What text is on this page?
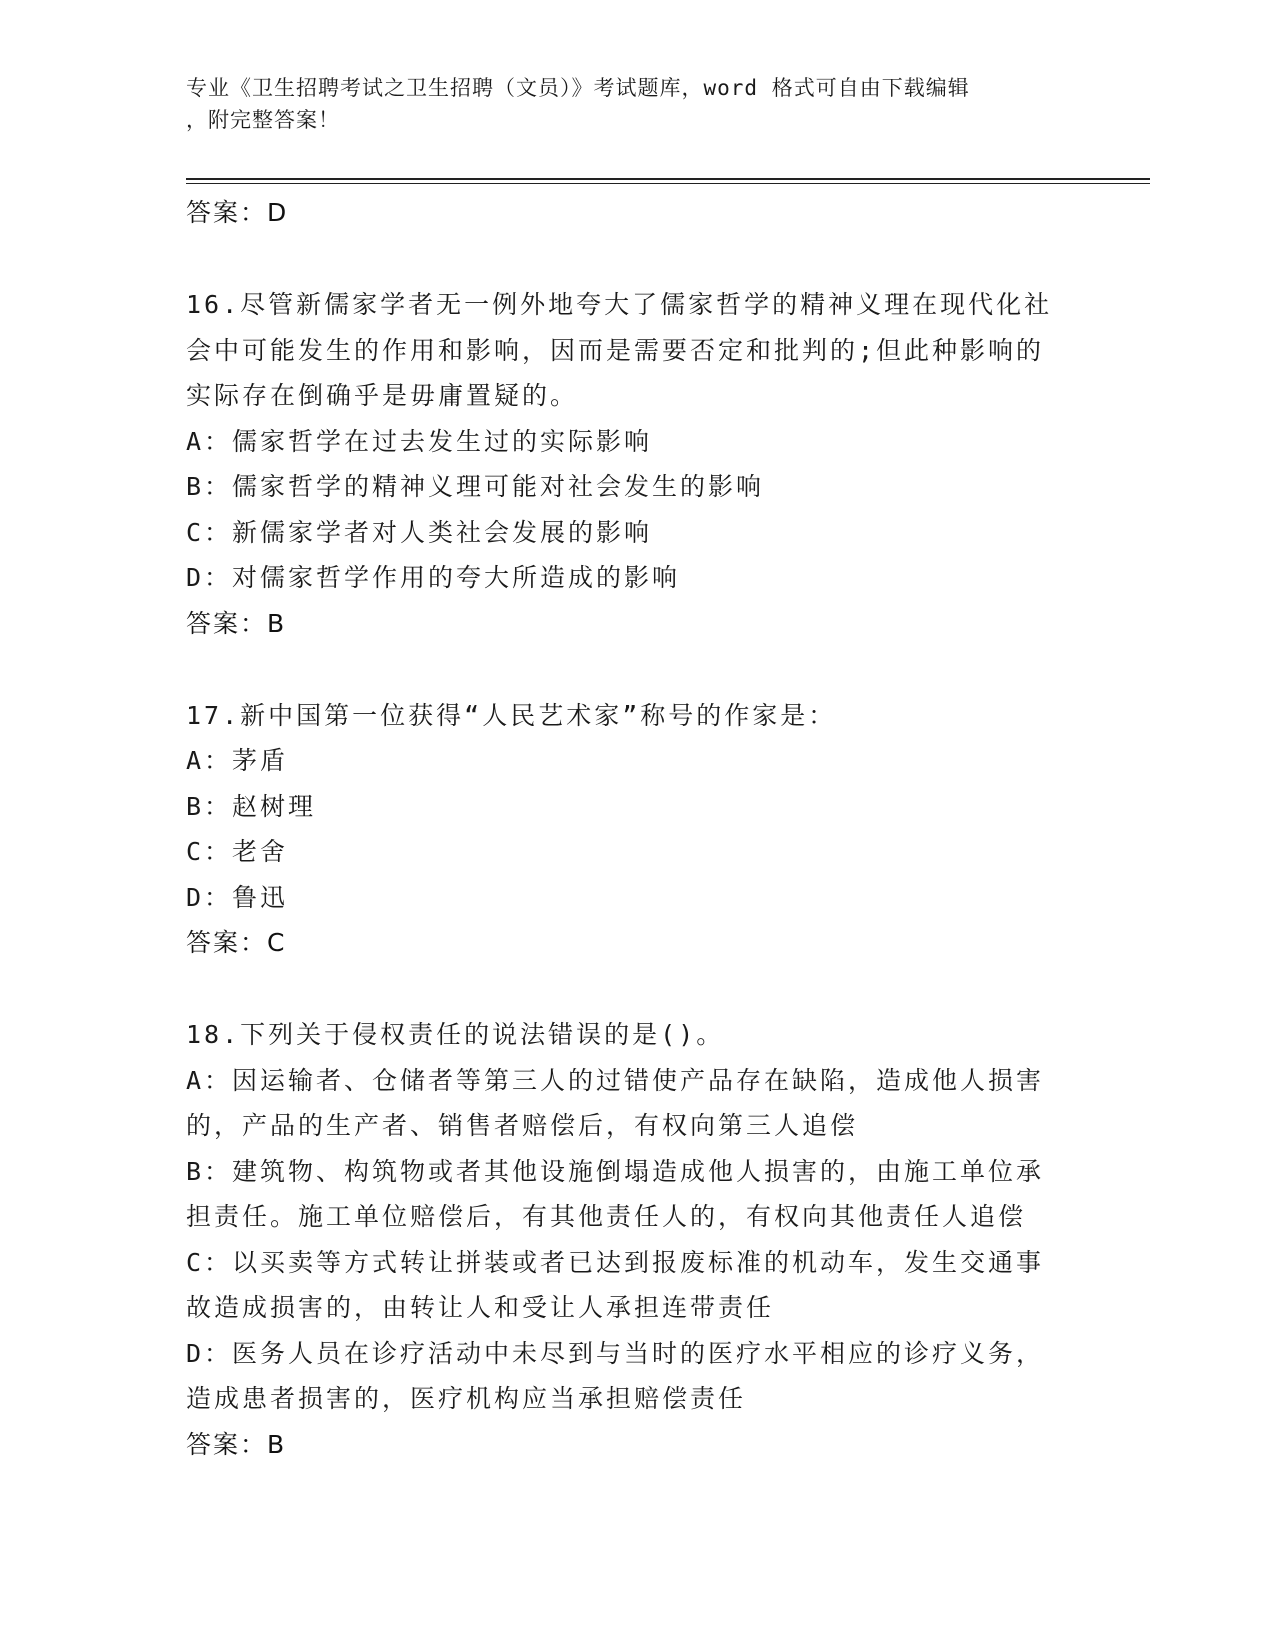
专业《卫生招聘考试之卫生招聘（文员）》考试题库，word 格式可自由下载编辑
，附完整答案！
答案：D
16.尽管新儒家学者无一例外地夸大了儒家哲学的精神义理在现代化社
会中可能发生的作用和影响，因而是需要否定和批判的;但此种影响的
实际存在倒确乎是毋庸置疑的。
A：儒家哲学在过去发生过的实际影响
B：儒家哲学的精神义理可能对社会发生的影响
C：新儒家学者对人类社会发展的影响
D：对儒家哲学作用的夸大所造成的影响
答案：B
17.新中国第一位获得“人民艺术家”称号的作家是：
A：茅盾
B：赵树理
C：老舍
D：鲁迅
答案：C
18.下列关于侵权责任的说法错误的是()。
A：因运输者、仓储者等第三人的过错使产品存在缺陷，造成他人损害
的，产品的生产者、销售者赔偿后，有权向第三人追偿
B：建筑物、构筑物或者其他设施倒塌造成他人损害的，由施工单位承
担责任。施工单位赔偿后，有其他责任人的，有权向其他责任人追偿
C：以买卖等方式转让拼装或者已达到报废标准的机动车，发生交通事
故造成损害的，由转让人和受让人承担连带责任
D：医务人员在诊疗活动中未尽到与当时的医疗水平相应的诊疗义务，
造成患者损害的，医疗机构应当承担赔偿责任
答案：B
